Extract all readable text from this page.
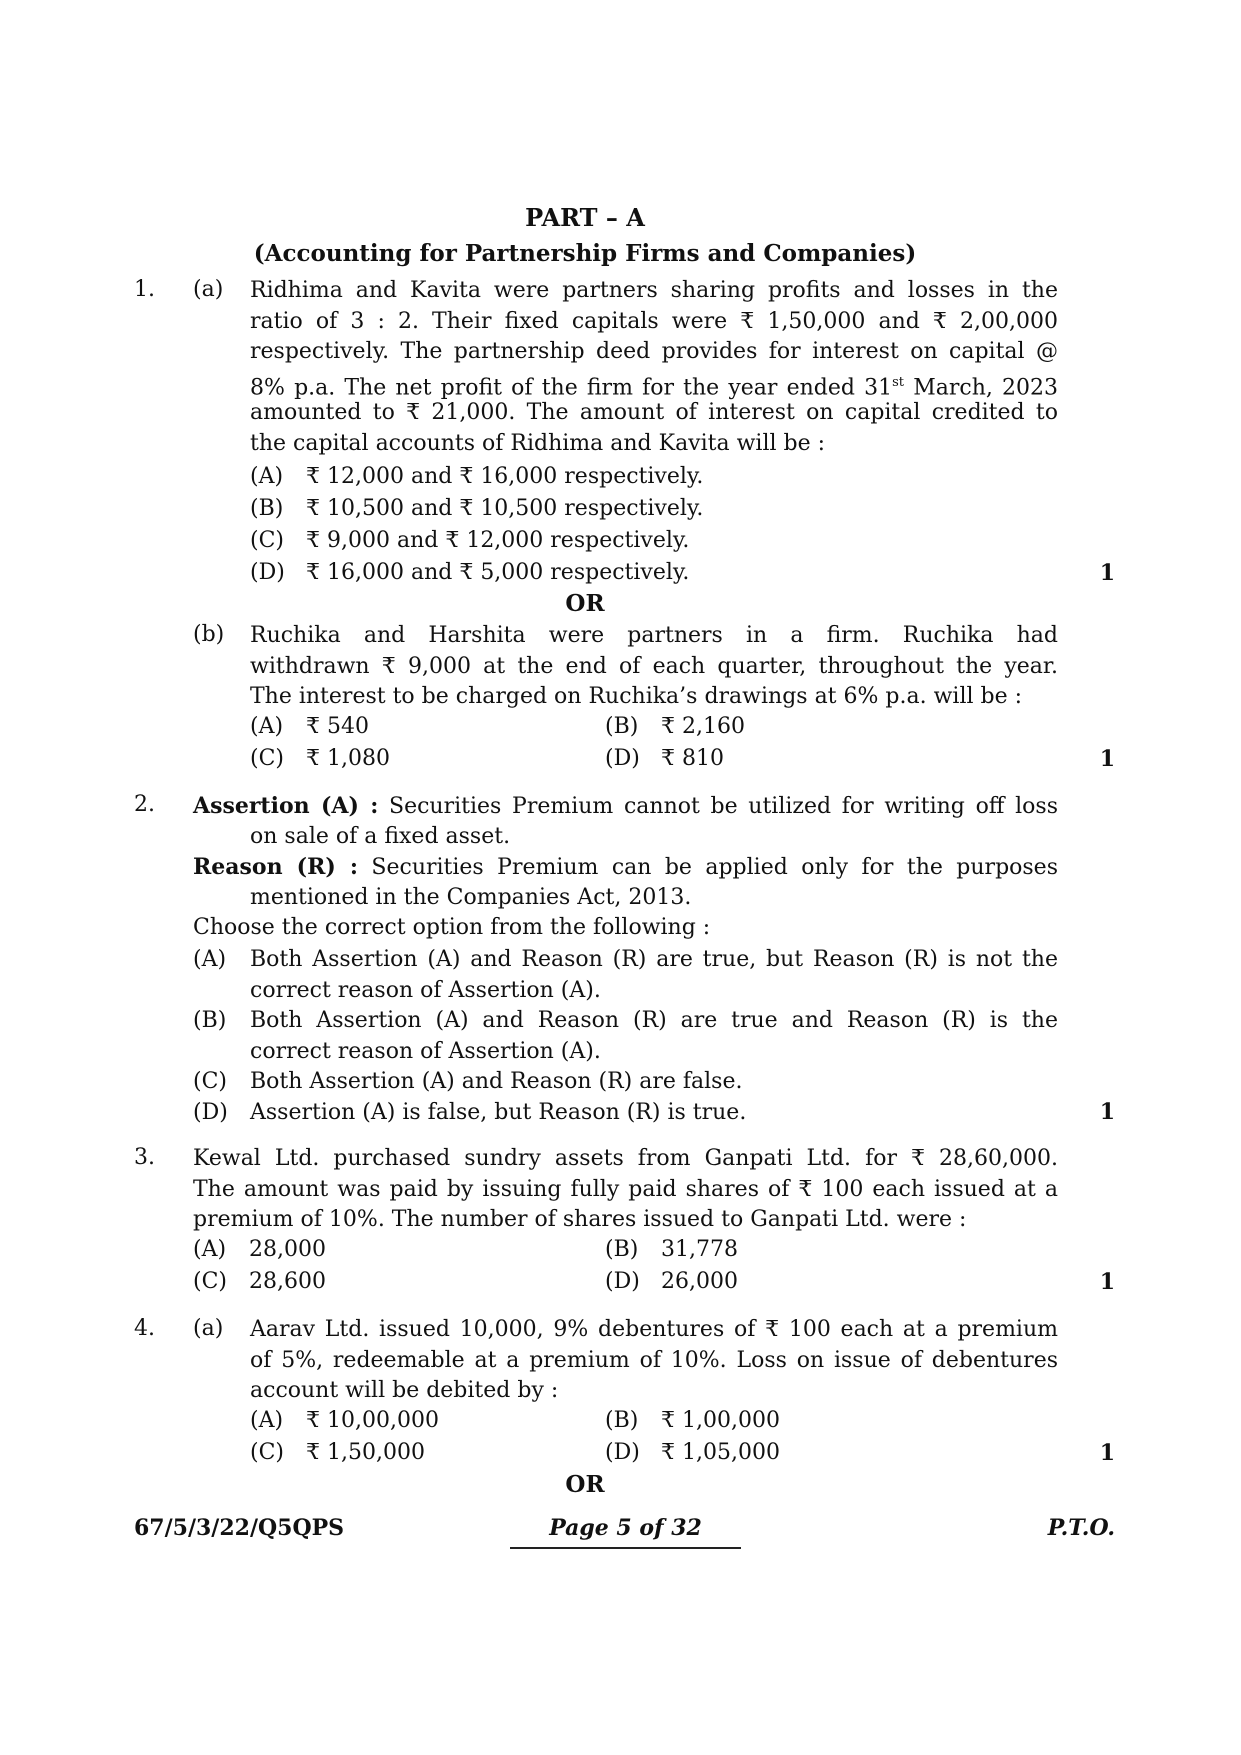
PART – A
(Accounting for Partnership Firms and Companies)
1. (a) Ridhima and Kavita were partners sharing profits and losses in the
ratio of 3 : 2. Their fixed capitals were ₹ 1,50,000 and ₹ 2,00,000
respectively. The partnership deed provides for interest on capital @
8% p.a. The net profit of the firm for the year ended 31st March, 2023
amounted to ₹ 21,000. The amount of interest on capital credited to
the capital accounts of Ridhima and Kavita will be :
(A) ₹ 12,000 and ₹ 16,000 respectively.
(B) ₹ 10,500 and ₹ 10,500 respectively.
(C) ₹ 9,000 and ₹ 12,000 respectively.
(D) ₹ 16,000 and ₹ 5,000 respectively.	1
OR
(b) Ruchika and Harshita were partners in a firm. Ruchika had
withdrawn ₹ 9,000 at the end of each quarter, throughout the year.
The interest to be charged on Ruchika’s drawings at 6% p.a. will be :
(A) ₹ 540	(B) ₹ 2,160
(C) ₹ 1,080	(D) ₹ 810	1
2. Assertion (A) : Securities Premium cannot be utilized for writing off loss
on sale of a fixed asset.
Reason (R) : Securities Premium can be applied only for the purposes
mentioned in the Companies Act, 2013.
Choose the correct option from the following :
(A) Both Assertion (A) and Reason (R) are true, but Reason (R) is not the
correct reason of Assertion (A).
(B) Both Assertion (A) and Reason (R) are true and Reason (R) is the
correct reason of Assertion (A).
(C) Both Assertion (A) and Reason (R) are false.
(D) Assertion (A) is false, but Reason (R) is true.	1
3. Kewal Ltd. purchased sundry assets from Ganpati Ltd. for ₹ 28,60,000.
The amount was paid by issuing fully paid shares of ₹ 100 each issued at a
premium of 10%. The number of shares issued to Ganpati Ltd. were :
(A) 28,000	(B) 31,778
(C) 28,600	(D) 26,000	1
4. (a) Aarav Ltd. issued 10,000, 9% debentures of ₹ 100 each at a premium
of 5%, redeemable at a premium of 10%. Loss on issue of debentures
account will be debited by :
(A) ₹ 10,00,000	(B) ₹ 1,00,000
(C) ₹ 1,50,000	(D) ₹ 1,05,000	1
OR
67/5/3/22/Q5QPS	Page 5 of 32	P.T.O.
